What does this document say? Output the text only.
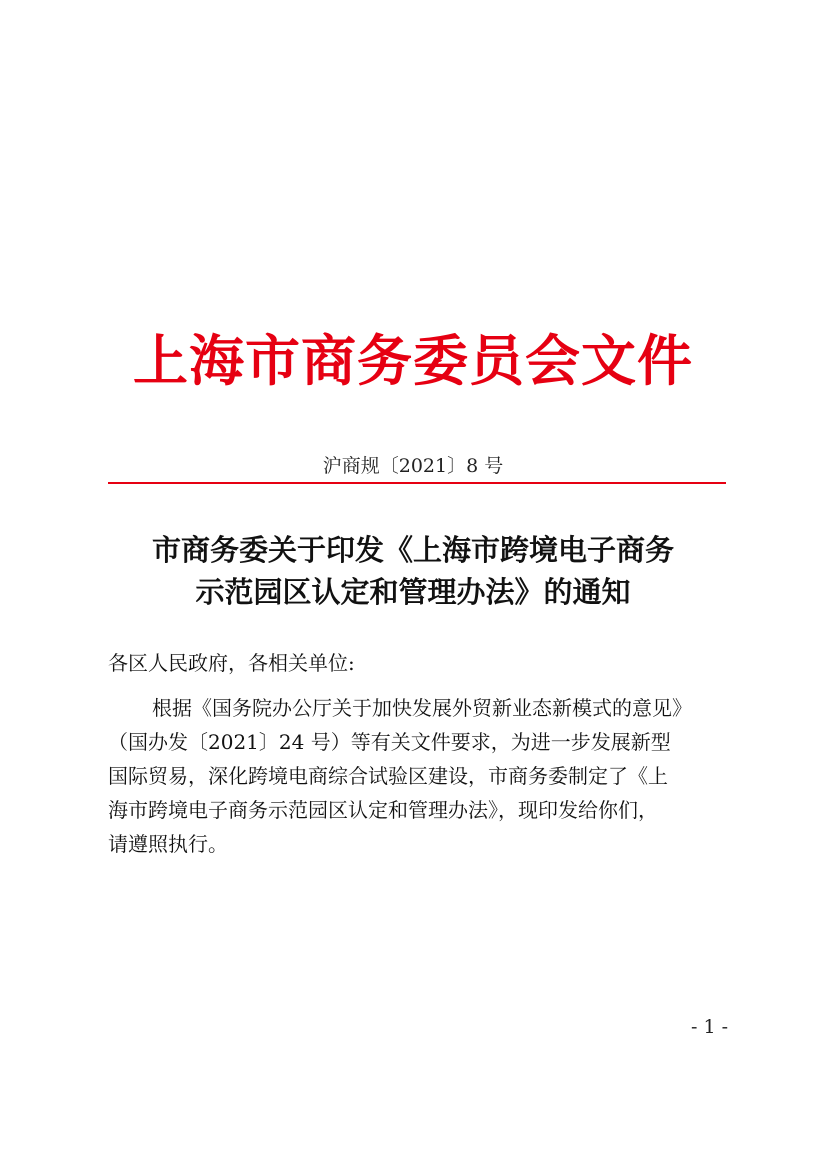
上海市商务委员会文件
沪商规〔2021〕8 号
市商务委关于印发《上海市跨境电子商务
示范园区认定和管理办法》的通知
各区人民政府，各相关单位:
根据《国务院办公厅关于加快发展外贸新业态新模式的意见》
（国办发〔2021〕24 号）等有关文件要求，为进一步发展新型
国际贸易，深化跨境电商综合试验区建设，市商务委制定了《上
海市跨境电子商务示范园区认定和管理办法》，现印发给你们，
请遵照执行。
- 1 -
